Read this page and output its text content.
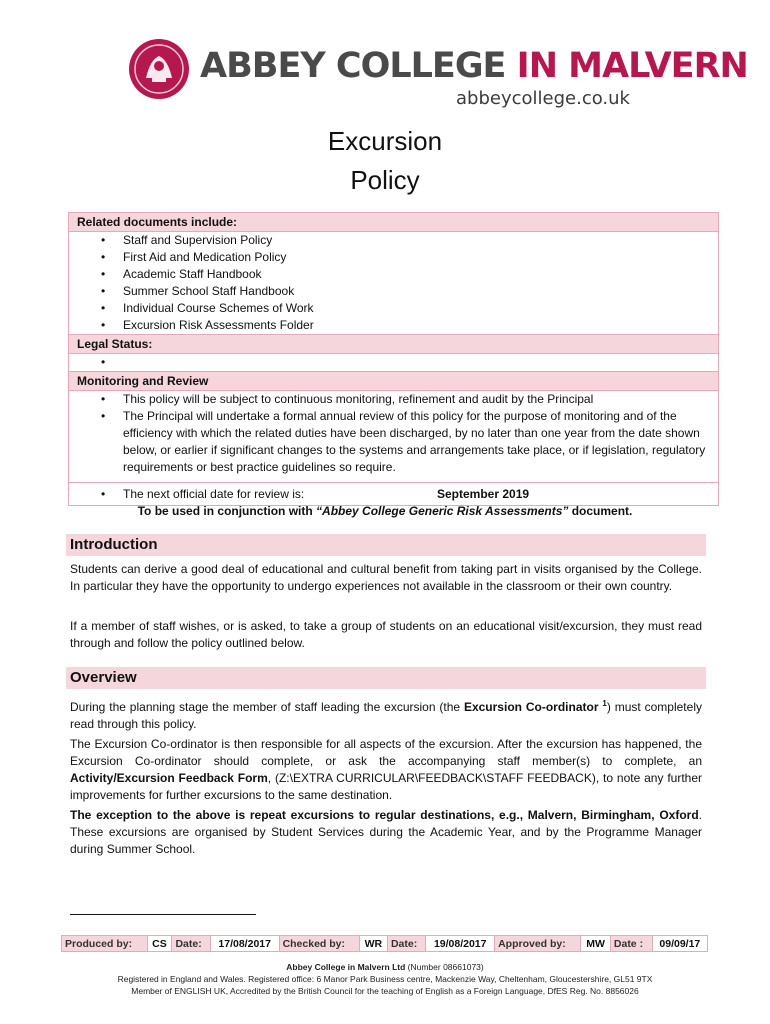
ABBEY COLLEGE IN MALVERN
abbeycollege.co.uk
Excursion
Policy
Related documents include:
• Staff and Supervision Policy
• First Aid and Medication Policy
• Academic Staff Handbook
• Summer School Staff Handbook
• Individual Course Schemes of Work
• Excursion Risk Assessments Folder
Legal Status:
•
Monitoring and Review
• This policy will be subject to continuous monitoring, refinement and audit by the Principal
• The Principal will undertake a formal annual review of this policy for the purpose of monitoring and of the efficiency with which the related duties have been discharged, by no later than one year from the date shown below, or earlier if significant changes to the systems and arrangements take place, or if legislation, regulatory requirements or best practice guidelines so require.
• The next official date for review is:	September 2019
To be used in conjunction with “Abbey College Generic Risk Assessments” document.
Introduction
Students can derive a good deal of educational and cultural benefit from taking part in visits organised by the College. In particular they have the opportunity to undergo experiences not available in the classroom or their own country.
If a member of staff wishes, or is asked, to take a group of students on an educational visit/excursion, they must read through and follow the policy outlined below.
Overview
During the planning stage the member of staff leading the excursion (the Excursion Co-ordinator $^1$) must completely read through this policy.
The Excursion Co-ordinator is then responsible for all aspects of the excursion. After the excursion has happened, the Excursion Co-ordinator should complete, or ask the accompanying staff member(s) to complete, an Activity/Excursion Feedback Form, (Z:\EXTRA CURRICULAR\FEEDBACK\STAFF FEEDBACK), to note any further improvements for further excursions to the same destination.
The exception to the above is repeat excursions to regular destinations, e.g., Malvern, Birmingham, Oxford. These excursions are organised by Student Services during the Academic Year, and by the Programme Manager during Summer School.
Produced by:	CS	Date:	17/08/2017	Checked by:	WR	Date:	19/08/2017	Approved by:	MW	Date :	09/09/17
Abbey College in Malvern Ltd (Number 08661073)
Registered in England and Wales. Registered office: 6 Manor Park Business centre, Mackenzie Way, Cheltenham, Gloucestershire, GL51 9TX
Member of ENGLISH UK, Accredited by the British Council for the teaching of English as a Foreign Language, DfES Reg. No. 8856026
